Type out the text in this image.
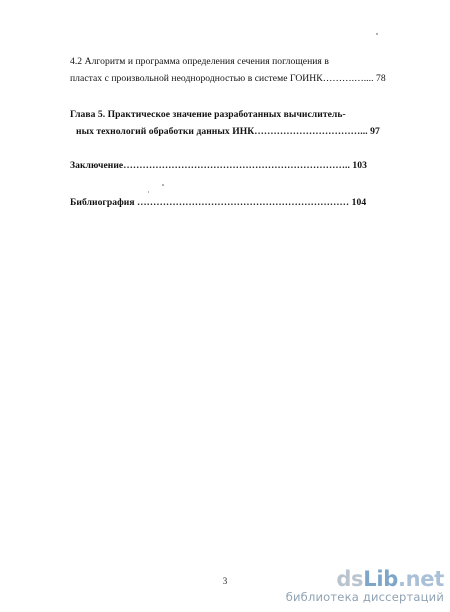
4.2 Алгоритм и программа определения сечения поглощения в
пластах с произвольной неоднородностью в системе ГОИНК……….….... 78
Глава 5. Практическое значение разработанных вычислитель-
ных технологий обработки данных ИНК……………………………... 97
Заключение…………………………………………………………….. 103
Библиография ………………………………………………………… 104
3	dsLib.net
библиотека диссертаций
